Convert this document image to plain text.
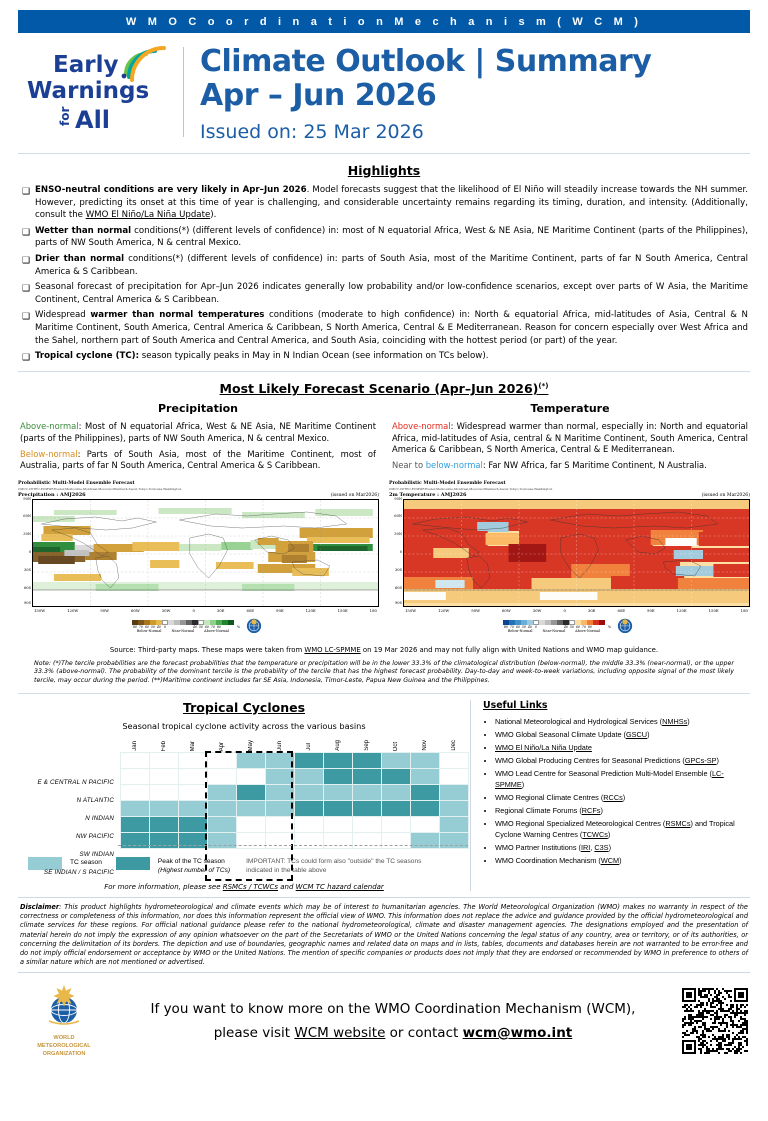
W M O C o o r d i n a t i o n M e c h a n i s m ( W C M )
Early
Warnings
for All
Climate Outlook | Summary
Apr – Jun 2026
Issued on: 25 Mar 2026
Highlights
❑ ENSO-neutral conditions are very likely in Apr–Jun 2026. Model forecasts suggest that the likelihood of El Niño will steadily increase towards the NH summer. However, predicting its onset at this time of year is challenging, and considerable uncertainty remains regarding its timing, duration, and intensity. (Additionally, consult the WMO El Niño/La Niña Update).
❑ Wetter than normal conditions(*) (different levels of confidence) in: most of N equatorial Africa, West & NE Asia, NE Maritime Continent (parts of the Philippines), parts of NW South America, N & central Mexico.
❑ Drier than normal conditions(*) (different levels of confidence) in: parts of South Asia, most of the Maritime Continent, parts of far N South America, Central America & S Caribbean.
❑ Seasonal forecast of precipitation for Apr–Jun 2026 indicates generally low probability and/or low-confidence scenarios, except over parts of W Asia, the Maritime Continent, Central America & S Caribbean.
❑ Widespread warmer than normal temperatures conditions (moderate to high confidence) in: North & equatorial Africa, mid-latitudes of Asia, Central & N Maritime Continent, South America, Central America & Caribbean, S North America, Central & E Mediterranean. Reason for concern especially over West Africa and the Sahel, northern part of South America and Central America, and South Asia, coinciding with the hottest period (or part) of the year.
❑ Tropical cyclone (TC): season typically peaks in May in N Indian Ocean (see information on TCs below).
Most Likely Forecast Scenario (Apr–Jun 2026)(*)
Precipitation

Above-normal: Most of N equatorial Africa, West & NE Asia, NE Maritime Continent (parts of the Philippines), parts of NW South America, N & central Mexico.

Below-normal: Parts of South Asia, most of the Maritime Continent, most of Australia, parts of far N South America, Central America & S Caribbean.

Temperature

Above-normal: Widespread warmer than normal, especially in: North and equatorial Africa, mid-latitudes of Asia, central & N Maritime Continent, South America, Central America & Caribbean, S North America, Central & E Mediterranean.

Near to below-normal: Far NW Africa, far S Maritime Continent, N Australia.

Probabilistic Multi-Model Ensemble Forecast
CMCC,CPTEC,ECMWF,Exeter,Melbourne,Montreal,Moscow,Offenbach,Seoul,Tokyo,Toulouse,Washington
Precipitation : AMJ2026	(issued on Mar2026)
90N
60N
30N
0
30S
60S
90S
150W	120W	90W	60W	30W	0	30E	60E	90E	120E	150E	180
80 70 60 50 40 0	40 50 60 70 80
Below-Normal	Near-Normal	Above-Normal
%
Probabilistic Multi-Model Ensemble Forecast
CMCC,CPTEC,ECMWF,Exeter,Melbourne,Montreal,Moscow,Offenbach,Seoul,Tokyo,Toulouse,Washington
2m Temperature : AMJ2026	(issued on Mar2026)
90N
60N
30N
0
30S
60S
90S
150W	120W	90W	60W	30W	0	30E	60E	90E	120E	150E	180
80 70 60 50 40 0	40 50 60 70 80
Below-Normal	Near-Normal	Above-Normal
%
Source: Third-party maps. These maps were taken from WMO LC-SPMME on 19 Mar 2026 and may not fully align with United Nations and WMO map guidance.
Note: (*)The tercile probabilities are the forecast probabilities that the temperature or precipitation will be in the lower 33.3% of the climatological distribution (below-normal), the middle 33.3% (near-normal), or the upper 33.3% (above-normal). The probability of the dominant tercile is the probability of the tercile that has the highest forecast probability. Day-to-day and week-to-week variations, including opposite signal of the most likely tercile, may occur during the period. (**)Maritime continent includes far SE Asia, Indonesia, Timor-Leste, Papua New Guinea and the Philippines.
Tropical Cyclones
Seasonal tropical cyclone activity across the various basins
E & CENTRAL N PACIFIC
N ATLANTIC
N INDIAN
NW PACIFIC
SW INDIAN
SE INDIAN / S PACIFIC
Jan	Feb	Mar	Apr	May	Jun	Jul	Aug	Sep	Oct	Nov	Dec

TC season	Peak of the TC season
(Highest number of TCs)
IMPORTANT: TCs could form also "outside" the TC seasons
indicated in the table above
For more information, please see RSMCs / TCWCs and WCM TC hazard calendar
Useful Links
• National Meteorological and Hydrological Services (NMHSs)
• WMO Global Seasonal Climate Update (GSCU)
• WMO El Niño/La Niña Update
• WMO Global Producing Centres for Seasonal Predictions (GPCs-SP)
• WMO Lead Centre for Seasonal Prediction Multi-Model Ensemble (LC-SPMME)
• WMO Regional Climate Centres (RCCs)
• Regional Climate Forums (RCFs)
• WMO Regional Specialized Meteorological Centres (RSMCs) and Tropical Cyclone Warning Centres (TCWCs)
• WMO Partner Institutions (IRI, C3S)
• WMO Coordination Mechanism (WCM)
Disclaimer: This product highlights hydrometeorological and climate events which may be of interest to humanitarian agencies. The World Meteorological Organization (WMO) makes no warranty in respect of the correctness or completeness of this information, nor does this information represent the official view of WMO. This information does not replace the advice and guidance provided by the official hydrometeorological and climate services for these regions. For official national guidance please refer to the national hydrometeorological, climate and disaster management agencies. The designations employed and the presentation of material herein do not imply the expression of any opinion whatsoever on the part of the Secretariats of WMO or the United Nations concerning the legal status of any country, area or territory, or of its authorities, or concerning the delimitation of its borders. The depiction and use of boundaries, geographic names and related data on maps and in lists, tables, documents and databases herein are not warranted to be error-free and do not imply official endorsement or acceptance by WMO or the United Nations. The mention of specific companies or products does not imply that they are endorsed or recommended by WMO in preference to others of a similar nature which are not mentioned or advertised.
WORLD
METEOROLOGICAL
ORGANIZATION
If you want to know more on the WMO Coordination Mechanism (WCM),
please visit WCM website or contact wcm@wmo.int
